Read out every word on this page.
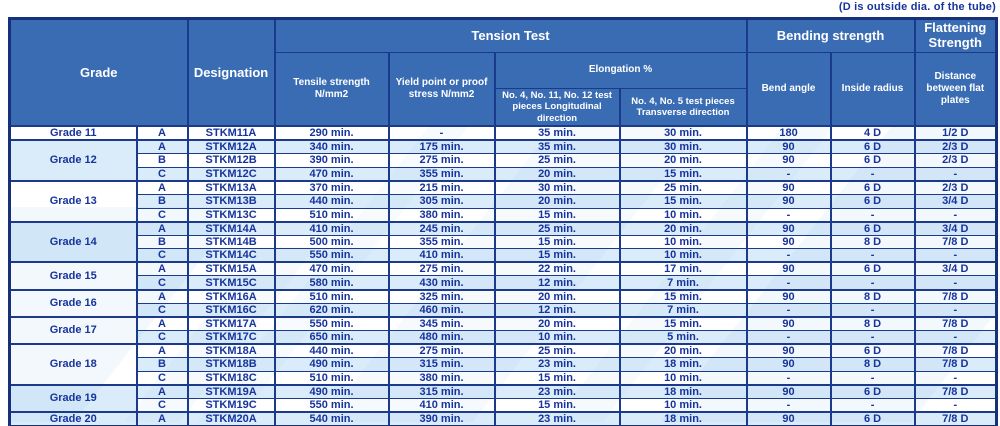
(D is outside dia. of the tube)
Grade		Designation	Tension Test				Bending strength		Flattening Strength
			Tensile strength N/mm2	Yield point or proof stress N/mm2	Elongation %		Bend angle	Inside radius	Distance between flat plates
					No. 4, No. 11, No. 12 test pieces Longitudinal direction	No. 4, No. 5 test pieces Transverse direction			
Grade 11	A	STKM11A	290 min.	-	35 min.	30 min.	180	4 D	1/2 D
Grade 12	A	STKM12A	340 min.	175 min.	35 min.	30 min.	90	6 D	2/3 D
	B	STKM12B	390 min.	275 min.	25 min.	20 min.	90	6 D	2/3 D
	C	STKM12C	470 min.	355 min.	20 min.	15 min.	-	-	-
Grade 13	A	STKM13A	370 min.	215 min.	30 min.	25 min.	90	6 D	2/3 D
	B	STKM13B	440 min.	305 min.	20 min.	15 min.	90	6 D	3/4 D
	C	STKM13C	510 min.	380 min.	15 min.	10 min.	-	-	-
Grade 14	A	STKM14A	410 min.	245 min.	25 min.	20 min.	90	6 D	3/4 D
	B	STKM14B	500 min.	355 min.	15 min.	10 min.	90	8 D	7/8 D
	C	STKM14C	550 min.	410 min.	15 min.	10 min.	-	-	-
Grade 15	A	STKM15A	470 min.	275 min.	22 min.	17 min.	90	6 D	3/4 D
	C	STKM15C	580 min.	430 min.	12 min.	7 min.	-	-	-
Grade 16	A	STKM16A	510 min.	325 min.	20 min.	15 min.	90	8 D	7/8 D
	C	STKM16C	620 min.	460 min.	12 min.	7 min.	-	-	-
Grade 17	A	STKM17A	550 min.	345 min.	20 min.	15 min.	90	8 D	7/8 D
	C	STKM17C	650 min.	480 min.	10 min.	5 min.	-	-	-
Grade 18	A	STKM18A	440 min.	275 min.	25 min.	20 min.	90	6 D	7/8 D
	B	STKM18B	490 min.	315 min.	23 min.	18 min.	90	8 D	7/8 D
	C	STKM18C	510 min.	380 min.	15 min.	10 min.	-	-	-
Grade 19	A	STKM19A	490 min.	315 min.	23 min.	18 min.	90	6 D	7/8 D
	C	STKM19C	550 min.	410 min.	15 min.	10 min.	-	-	-
Grade 20	A	STKM20A	540 min.	390 min.	23 min.	18 min.	90	6 D	7/8 D
